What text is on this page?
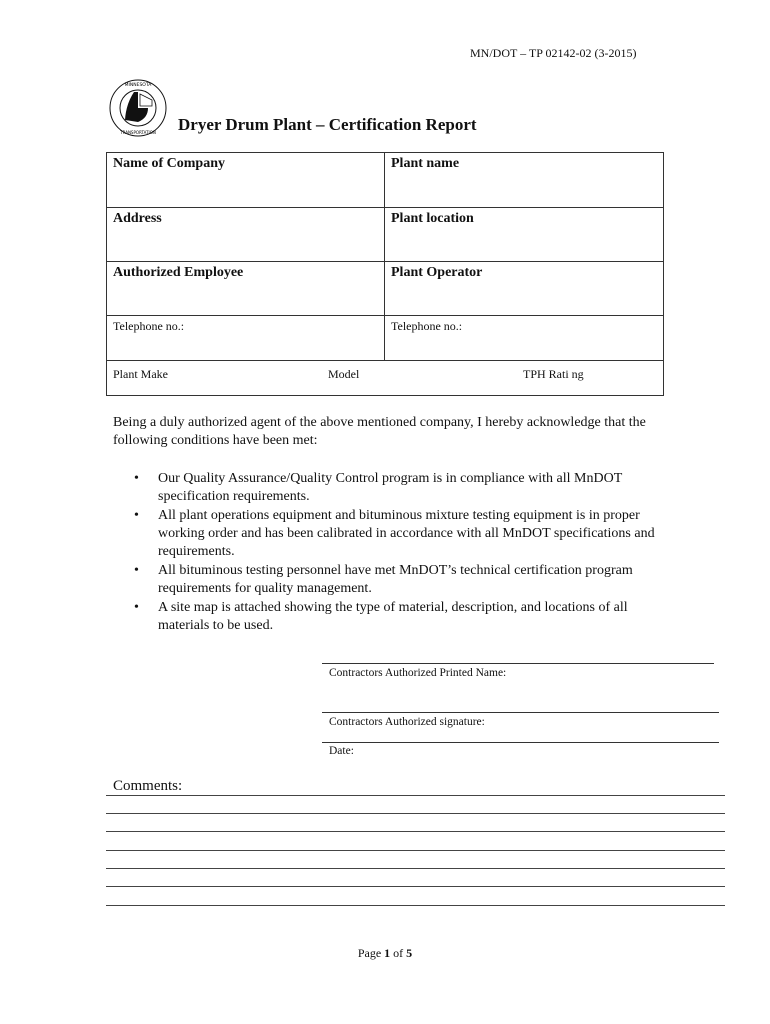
MN/DOT – TP 02142-02 (3-2015)
MINNESOTA
TRANSPORTATION Dryer Drum Plant – Certification Report
Name of Company	Plant name
Address	Plant location
Authorized Employee	Plant Operator
Telephone no.:	Telephone no.:
Plant Make	Model	TPH Rati ng
Being a duly authorized agent of the above mentioned company, I hereby acknowledge that the following conditions have been met:
• Our Quality Assurance/Quality Control program is in compliance with all MnDOT specification requirements.
• All plant operations equipment and bituminous mixture testing equipment is in proper working order and has been calibrated in accordance with all MnDOT specifications and requirements.
• All bituminous testing personnel have met MnDOT’s technical certification program requirements for quality management.
• A site map is attached showing the type of material, description, and locations of all materials to be used.
Contractors Authorized Printed Name:
Contractors Authorized signature:
Date:
Comments:
Page 1 of 5
